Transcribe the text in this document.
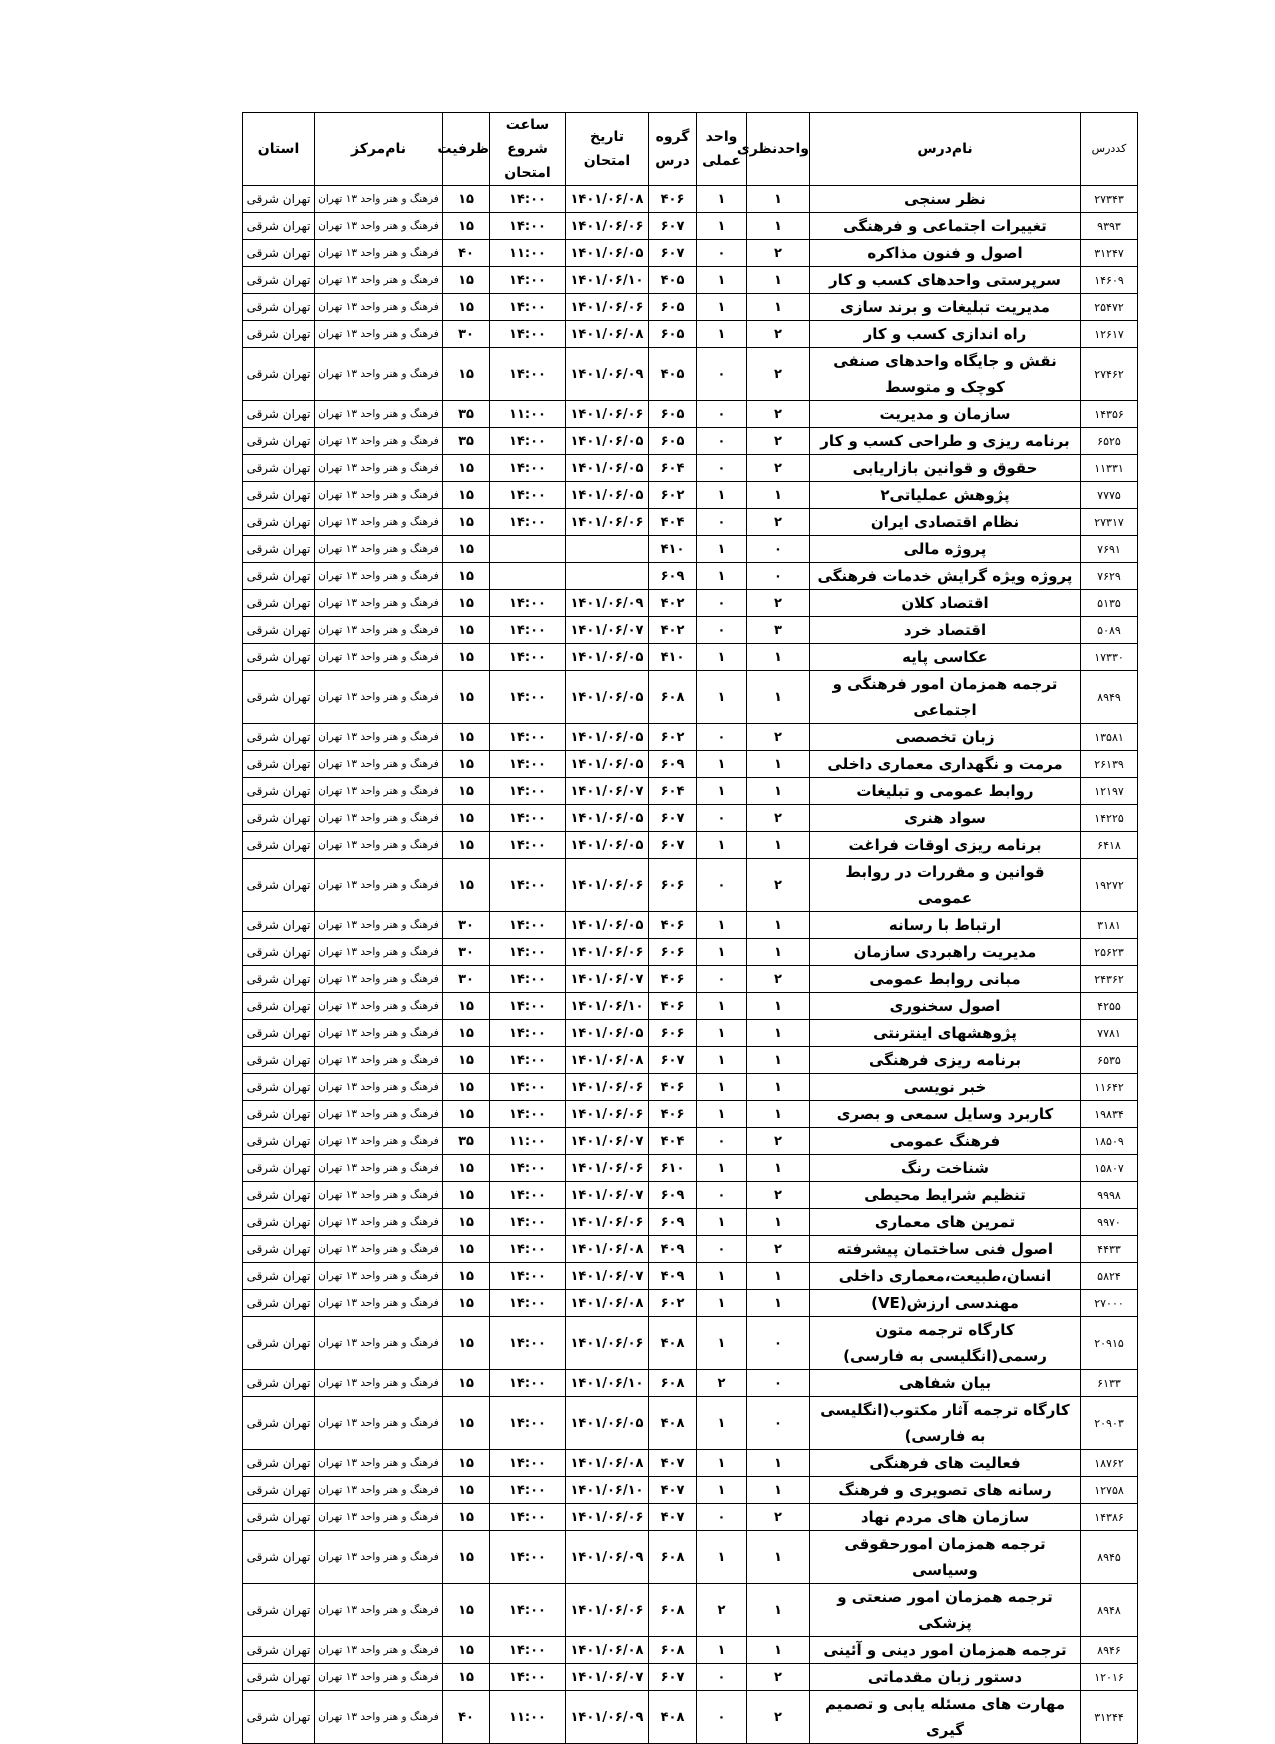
کددرس	نام‌درس	واحدنظری	واحد عملی	گروه درس	تاریخ امتحان	ساعت شروع امتحان	ظرفیت	نام‌مرکز	استان
۲۷۳۴۳	نظر سنجی	۱	۱	۴۰۶	۱۴۰۱/۰۶/۰۸	۱۴:۰۰	۱۵	فرهنگ و هنر واحد ۱۳ تهران	تهران شرقی
۹۳۹۳	تغییرات اجتماعی و فرهنگی	۱	۱	۶۰۷	۱۴۰۱/۰۶/۰۶	۱۴:۰۰	۱۵	فرهنگ و هنر واحد ۱۳ تهران	تهران شرقی
۳۱۲۴۷	اصول و فنون مذاکره	۲	۰	۶۰۷	۱۴۰۱/۰۶/۰۵	۱۱:۰۰	۴۰	فرهنگ و هنر واحد ۱۳ تهران	تهران شرقی
۱۴۶۰۹	سرپرستی واحدهای کسب و کار	۱	۱	۴۰۵	۱۴۰۱/۰۶/۱۰	۱۴:۰۰	۱۵	فرهنگ و هنر واحد ۱۳ تهران	تهران شرقی
۲۵۴۷۲	مدیریت تبلیغات و برند سازی	۱	۱	۶۰۵	۱۴۰۱/۰۶/۰۶	۱۴:۰۰	۱۵	فرهنگ و هنر واحد ۱۳ تهران	تهران شرقی
۱۲۶۱۷	راه اندازی کسب و کار	۲	۱	۶۰۵	۱۴۰۱/۰۶/۰۸	۱۴:۰۰	۳۰	فرهنگ و هنر واحد ۱۳ تهران	تهران شرقی
۲۷۴۶۲	نقش و جایگاه واحدهای صنفی کوچک و متوسط	۲	۰	۴۰۵	۱۴۰۱/۰۶/۰۹	۱۴:۰۰	۱۵	فرهنگ و هنر واحد ۱۳ تهران	تهران شرقی
۱۴۳۵۶	سازمان و مدیریت	۲	۰	۶۰۵	۱۴۰۱/۰۶/۰۶	۱۱:۰۰	۳۵	فرهنگ و هنر واحد ۱۳ تهران	تهران شرقی
۶۵۲۵	برنامه ریزی و طراحی کسب و کار	۲	۰	۶۰۵	۱۴۰۱/۰۶/۰۵	۱۴:۰۰	۳۵	فرهنگ و هنر واحد ۱۳ تهران	تهران شرقی
۱۱۳۳۱	حقوق و قوانین بازاریابی	۲	۰	۶۰۴	۱۴۰۱/۰۶/۰۵	۱۴:۰۰	۱۵	فرهنگ و هنر واحد ۱۳ تهران	تهران شرقی
۷۷۷۵	پژوهش عملیاتی۲	۱	۱	۶۰۲	۱۴۰۱/۰۶/۰۵	۱۴:۰۰	۱۵	فرهنگ و هنر واحد ۱۳ تهران	تهران شرقی
۲۷۳۱۷	نظام اقتصادی ایران	۲	۰	۴۰۴	۱۴۰۱/۰۶/۰۶	۱۴:۰۰	۱۵	فرهنگ و هنر واحد ۱۳ تهران	تهران شرقی
۷۶۹۱	پروژه مالی	۰	۱	۴۱۰			۱۵	فرهنگ و هنر واحد ۱۳ تهران	تهران شرقی
۷۶۲۹	پروژه ویژه گرایش خدمات فرهنگی	۰	۱	۶۰۹			۱۵	فرهنگ و هنر واحد ۱۳ تهران	تهران شرقی
۵۱۳۵	اقتصاد کلان	۲	۰	۴۰۲	۱۴۰۱/۰۶/۰۹	۱۴:۰۰	۱۵	فرهنگ و هنر واحد ۱۳ تهران	تهران شرقی
۵۰۸۹	اقتصاد خرد	۳	۰	۴۰۲	۱۴۰۱/۰۶/۰۷	۱۴:۰۰	۱۵	فرهنگ و هنر واحد ۱۳ تهران	تهران شرقی
۱۷۳۳۰	عکاسی پایه	۱	۱	۴۱۰	۱۴۰۱/۰۶/۰۵	۱۴:۰۰	۱۵	فرهنگ و هنر واحد ۱۳ تهران	تهران شرقی
۸۹۴۹	ترجمه همزمان امور فرهنگی و اجتماعی	۱	۱	۶۰۸	۱۴۰۱/۰۶/۰۵	۱۴:۰۰	۱۵	فرهنگ و هنر واحد ۱۳ تهران	تهران شرقی
۱۳۵۸۱	زبان تخصصی	۲	۰	۶۰۲	۱۴۰۱/۰۶/۰۵	۱۴:۰۰	۱۵	فرهنگ و هنر واحد ۱۳ تهران	تهران شرقی
۲۶۱۳۹	مرمت و نگهداری معماری داخلی	۱	۱	۶۰۹	۱۴۰۱/۰۶/۰۵	۱۴:۰۰	۱۵	فرهنگ و هنر واحد ۱۳ تهران	تهران شرقی
۱۲۱۹۷	روابط عمومی و تبلیغات	۱	۱	۶۰۴	۱۴۰۱/۰۶/۰۷	۱۴:۰۰	۱۵	فرهنگ و هنر واحد ۱۳ تهران	تهران شرقی
۱۴۲۲۵	سواد هنری	۲	۰	۶۰۷	۱۴۰۱/۰۶/۰۵	۱۴:۰۰	۱۵	فرهنگ و هنر واحد ۱۳ تهران	تهران شرقی
۶۴۱۸	برنامه ریزی اوقات فراغت	۱	۱	۶۰۷	۱۴۰۱/۰۶/۰۵	۱۴:۰۰	۱۵	فرهنگ و هنر واحد ۱۳ تهران	تهران شرقی
۱۹۲۷۲	قوانین و مقررات در روابط عمومی	۲	۰	۶۰۶	۱۴۰۱/۰۶/۰۶	۱۴:۰۰	۱۵	فرهنگ و هنر واحد ۱۳ تهران	تهران شرقی
۳۱۸۱	ارتباط با رسانه	۱	۱	۴۰۶	۱۴۰۱/۰۶/۰۵	۱۴:۰۰	۳۰	فرهنگ و هنر واحد ۱۳ تهران	تهران شرقی
۲۵۶۲۳	مدیریت راهبردی سازمان	۱	۱	۶۰۶	۱۴۰۱/۰۶/۰۶	۱۴:۰۰	۳۰	فرهنگ و هنر واحد ۱۳ تهران	تهران شرقی
۲۴۳۶۲	مبانی روابط عمومی	۲	۰	۴۰۶	۱۴۰۱/۰۶/۰۷	۱۴:۰۰	۳۰	فرهنگ و هنر واحد ۱۳ تهران	تهران شرقی
۴۲۵۵	اصول سخنوری	۱	۱	۴۰۶	۱۴۰۱/۰۶/۱۰	۱۴:۰۰	۱۵	فرهنگ و هنر واحد ۱۳ تهران	تهران شرقی
۷۷۸۱	پژوهشهای اینترنتی	۱	۱	۶۰۶	۱۴۰۱/۰۶/۰۵	۱۴:۰۰	۱۵	فرهنگ و هنر واحد ۱۳ تهران	تهران شرقی
۶۵۳۵	برنامه ریزی فرهنگی	۱	۱	۶۰۷	۱۴۰۱/۰۶/۰۸	۱۴:۰۰	۱۵	فرهنگ و هنر واحد ۱۳ تهران	تهران شرقی
۱۱۶۴۲	خبر نویسی	۱	۱	۴۰۶	۱۴۰۱/۰۶/۰۶	۱۴:۰۰	۱۵	فرهنگ و هنر واحد ۱۳ تهران	تهران شرقی
۱۹۸۳۴	کاربرد وسایل سمعی و بصری	۱	۱	۴۰۶	۱۴۰۱/۰۶/۰۶	۱۴:۰۰	۱۵	فرهنگ و هنر واحد ۱۳ تهران	تهران شرقی
۱۸۵۰۹	فرهنگ عمومی	۲	۰	۴۰۴	۱۴۰۱/۰۶/۰۷	۱۱:۰۰	۳۵	فرهنگ و هنر واحد ۱۳ تهران	تهران شرقی
۱۵۸۰۷	شناخت رنگ	۱	۱	۶۱۰	۱۴۰۱/۰۶/۰۶	۱۴:۰۰	۱۵	فرهنگ و هنر واحد ۱۳ تهران	تهران شرقی
۹۹۹۸	تنظیم شرایط محیطی	۲	۰	۶۰۹	۱۴۰۱/۰۶/۰۷	۱۴:۰۰	۱۵	فرهنگ و هنر واحد ۱۳ تهران	تهران شرقی
۹۹۷۰	تمرین های معماری	۱	۱	۶۰۹	۱۴۰۱/۰۶/۰۶	۱۴:۰۰	۱۵	فرهنگ و هنر واحد ۱۳ تهران	تهران شرقی
۴۴۳۳	اصول فنی ساختمان پیشرفته	۲	۰	۴۰۹	۱۴۰۱/۰۶/۰۸	۱۴:۰۰	۱۵	فرهنگ و هنر واحد ۱۳ تهران	تهران شرقی
۵۸۲۴	انسان،طبیعت،معماری داخلی	۱	۱	۴۰۹	۱۴۰۱/۰۶/۰۷	۱۴:۰۰	۱۵	فرهنگ و هنر واحد ۱۳ تهران	تهران شرقی
۲۷۰۰۰	مهندسی ارزش(VE)	۱	۱	۶۰۲	۱۴۰۱/۰۶/۰۸	۱۴:۰۰	۱۵	فرهنگ و هنر واحد ۱۳ تهران	تهران شرقی
۲۰۹۱۵	کارگاه ترجمه متون رسمی(انگلیسی به فارسی)	۰	۱	۴۰۸	۱۴۰۱/۰۶/۰۶	۱۴:۰۰	۱۵	فرهنگ و هنر واحد ۱۳ تهران	تهران شرقی
۶۱۳۳	بیان شفاهی	۰	۲	۶۰۸	۱۴۰۱/۰۶/۱۰	۱۴:۰۰	۱۵	فرهنگ و هنر واحد ۱۳ تهران	تهران شرقی
۲۰۹۰۳	کارگاه ترجمه آثار مکتوب(انگلیسی به فارسی)	۰	۱	۴۰۸	۱۴۰۱/۰۶/۰۵	۱۴:۰۰	۱۵	فرهنگ و هنر واحد ۱۳ تهران	تهران شرقی
۱۸۷۶۲	فعالیت های فرهنگی	۱	۱	۴۰۷	۱۴۰۱/۰۶/۰۸	۱۴:۰۰	۱۵	فرهنگ و هنر واحد ۱۳ تهران	تهران شرقی
۱۲۷۵۸	رسانه های تصویری و فرهنگ	۱	۱	۴۰۷	۱۴۰۱/۰۶/۱۰	۱۴:۰۰	۱۵	فرهنگ و هنر واحد ۱۳ تهران	تهران شرقی
۱۴۳۸۶	سازمان های مردم نهاد	۲	۰	۴۰۷	۱۴۰۱/۰۶/۰۶	۱۴:۰۰	۱۵	فرهنگ و هنر واحد ۱۳ تهران	تهران شرقی
۸۹۴۵	ترجمه همزمان امورحقوقی وسیاسی	۱	۱	۶۰۸	۱۴۰۱/۰۶/۰۹	۱۴:۰۰	۱۵	فرهنگ و هنر واحد ۱۳ تهران	تهران شرقی
۸۹۴۸	ترجمه همزمان امور صنعتی و پزشکی	۱	۲	۶۰۸	۱۴۰۱/۰۶/۰۶	۱۴:۰۰	۱۵	فرهنگ و هنر واحد ۱۳ تهران	تهران شرقی
۸۹۴۶	ترجمه همزمان امور دینی و آئینی	۱	۱	۶۰۸	۱۴۰۱/۰۶/۰۸	۱۴:۰۰	۱۵	فرهنگ و هنر واحد ۱۳ تهران	تهران شرقی
۱۲۰۱۶	دستور زبان مقدماتی	۲	۰	۶۰۷	۱۴۰۱/۰۶/۰۷	۱۴:۰۰	۱۵	فرهنگ و هنر واحد ۱۳ تهران	تهران شرقی
۳۱۲۴۴	مهارت های مسئله یابی و تصمیم گیری	۲	۰	۴۰۸	۱۴۰۱/۰۶/۰۹	۱۱:۰۰	۴۰	فرهنگ و هنر واحد ۱۳ تهران	تهران شرقی
